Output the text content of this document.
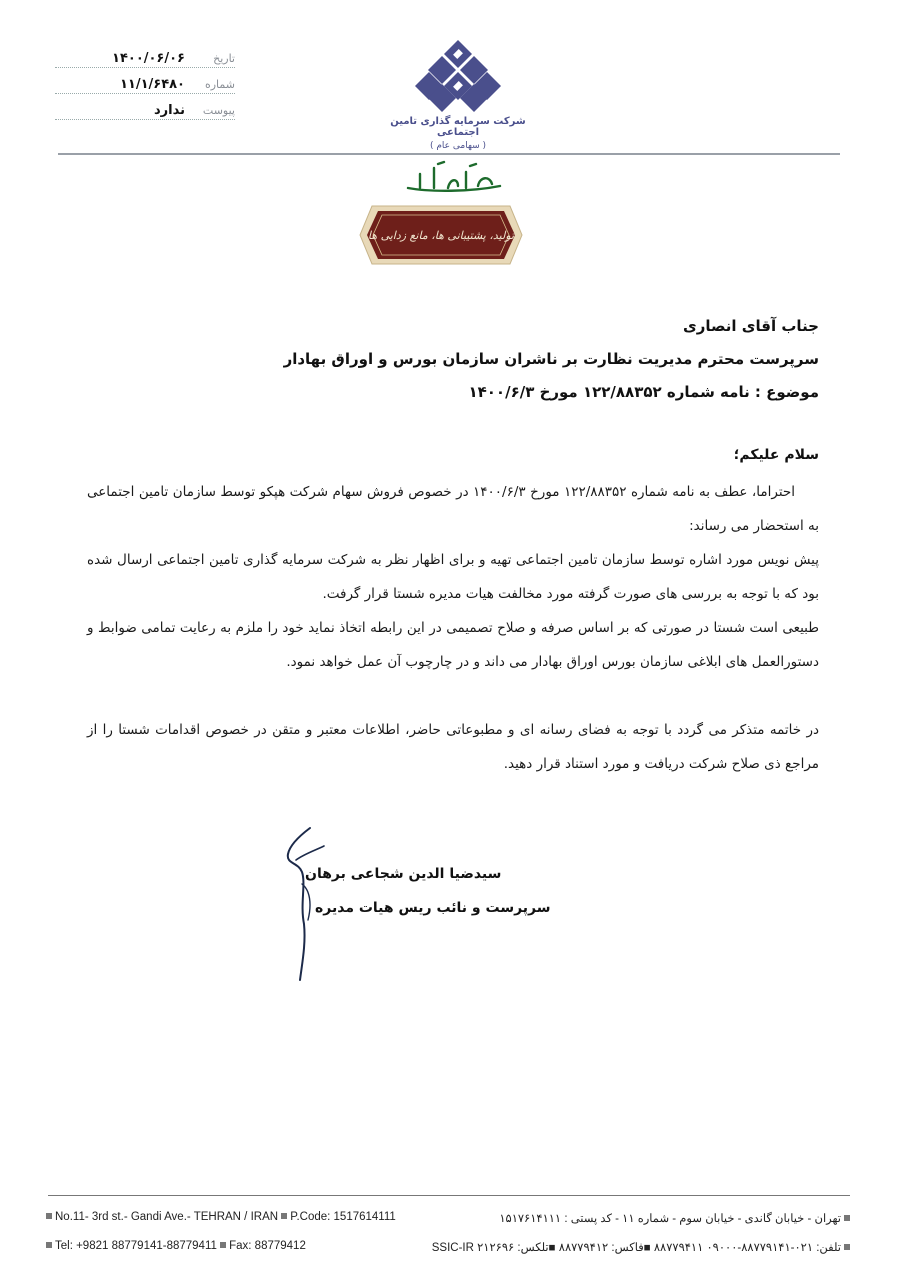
تاریخ
۱۴۰۰/۰۶/۰۶
شماره
۱۱/۱/۶۴۸۰
پیوست
ندارد
شرکت سرمایه گذاری تامین اجتماعی
( سهامی عام )
تولید، پشتیبانی ها، مانع زدایی ها
جناب آقای انصاری
سرپرست محترم مدیریت نظارت بر ناشران سازمان بورس و اوراق بهادار
موضوع : نامه شماره ۱۲۲/۸۸۳۵۲ مورخ ۱۴۰۰/۶/۳
سلام علیکم؛

احتراما، عطف به نامه شماره ۱۲۲/۸۸۳۵۲ مورخ ۱۴۰۰/۶/۳ در خصوص فروش سهام شرکت هپکو توسط سازمان تامین اجتماعی به استحضار می رساند:

پیش نویس مورد اشاره توسط سازمان تامین اجتماعی تهیه و برای اظهار نظر به شرکت سرمایه گذاری تامین اجتماعی ارسال شده بود که با توجه به بررسی های صورت گرفته مورد مخالفت هیات مدیره شستا قرار گرفت.

طبیعی است شستا در صورتی که بر اساس صرفه و صلاح تصمیمی در این رابطه اتخاذ نماید خود را ملزم به رعایت تمامی ضوابط و دستورالعمل های ابلاغی سازمان بورس اوراق بهادار می داند و در چارچوب آن عمل خواهد نمود.

در خاتمه متذکر می گردد با توجه به فضای رسانه ای و مطبوعاتی حاضر، اطلاعات معتبر و متقن در خصوص اقدامات شستا را از مراجع ذی صلاح شرکت دریافت و مورد استناد قرار دهید.

سیدضیا الدین شجاعی برهان
سرپرست و نائب ریس هیات مدیره
No.11- 3rd st.- Gandi Ave.- TEHRAN / IRAN P.Code: 1517614111
Tel: +9821 88779141-88779411 Fax: 88779412
تهران - خیابان گاندی - خیابان سوم - شماره ۱۱ - کد پستی : ۱۵۱۷۶۱۴۱۱۱
تلفن: ۰۲۱-۸۸۷۷۹۱۴۱-۰۹۰۰۰ ۸۸۷۷۹۴۱۱ ■فاکس: ۸۸۷۷۹۴۱۲ ■تلکس: SSIC-IR ۲۱۲۶۹۶
